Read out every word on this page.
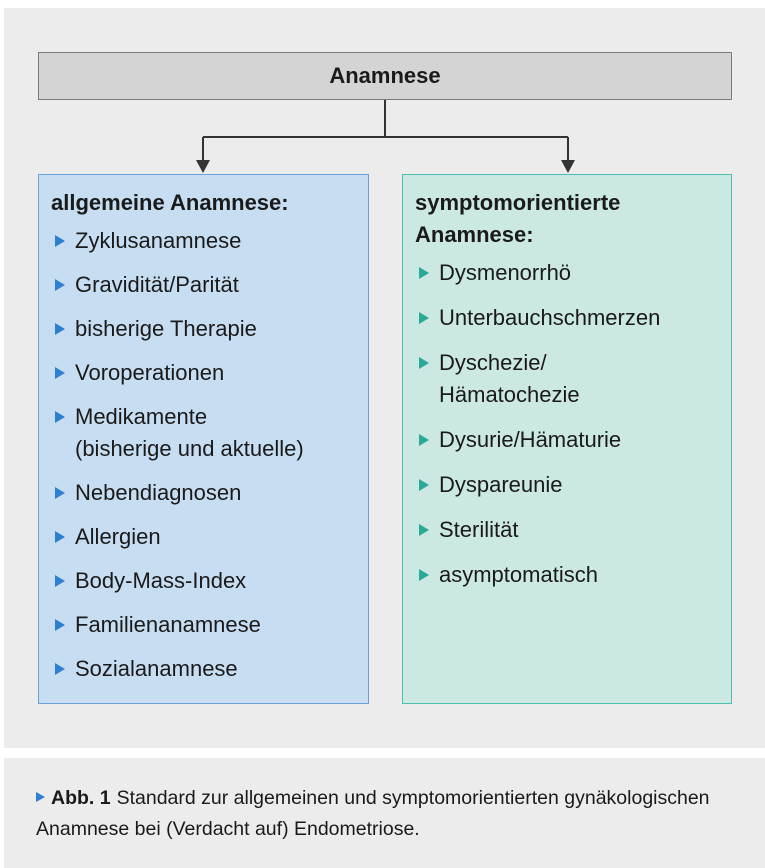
Anamnese
allgemeine Anamnese:
Zyklusanamnese
Gravidität/Parität
bisherige Therapie
Voroperationen
Medikamente
(bisherige und aktuelle)
Nebendiagnosen
Allergien
Body-Mass-Index
Familienanamnese
Sozialanamnese
symptomorientierte
Anamnese:
Dysmenorrhö
Unterbauchschmerzen
Dyschezie/
Hämatochezie
Dysurie/Hämaturie
Dyspareunie
Sterilität
asymptomatisch
Abb. 1 Standard zur allgemeinen und symptomorientierten gynäkologischen Anamnese bei (Verdacht auf) Endometriose.
